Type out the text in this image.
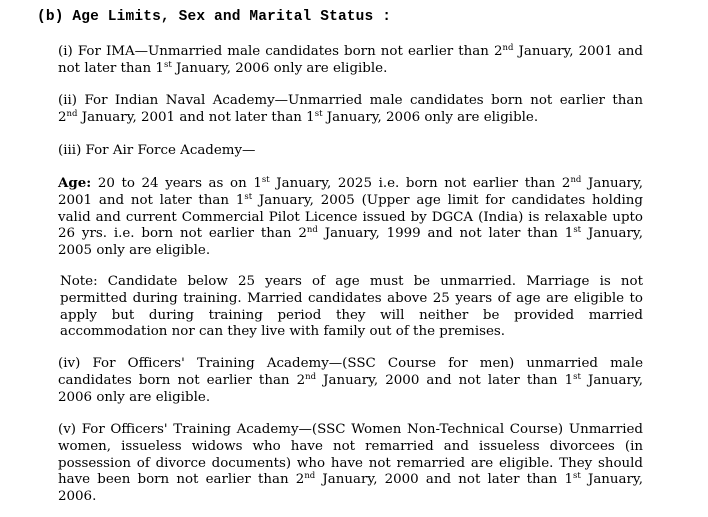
(b) Age Limits, Sex and Marital Status :
(i) For IMA—Unmarried male candidates born not earlier than 2nd January, 2001 and
not later than 1st January, 2006 only are eligible.
(ii) For Indian Naval Academy—Unmarried male candidates born not earlier than
2nd January, 2001 and not later than 1st January, 2006 only are eligible.
(iii) For Air Force Academy—
Age: 20 to 24 years as on 1st January, 2025 i.e. born not earlier than 2nd January,
2001 and not later than 1st January, 2005 (Upper age limit for candidates holding
valid and current Commercial Pilot Licence issued by DGCA (India) is relaxable upto
26 yrs. i.e. born not earlier than 2nd January, 1999 and not later than 1st January,
2005 only are eligible.
Note: Candidate below 25 years of age must be unmarried. Marriage is not
permitted during training. Married candidates above 25 years of age are eligible to
apply but during training period they will neither be provided married
accommodation nor can they live with family out of the premises.
(iv) For Officers' Training Academy—(SSC Course for men) unmarried male
candidates born not earlier than 2nd January, 2000 and not later than 1st January,
2006 only are eligible.
(v) For Officers' Training Academy—(SSC Women Non-Technical Course) Unmarried
women, issueless widows who have not remarried and issueless divorcees (in
possession of divorce documents) who have not remarried are eligible. They should
have been born not earlier than 2nd January, 2000 and not later than 1st January,
2006.
